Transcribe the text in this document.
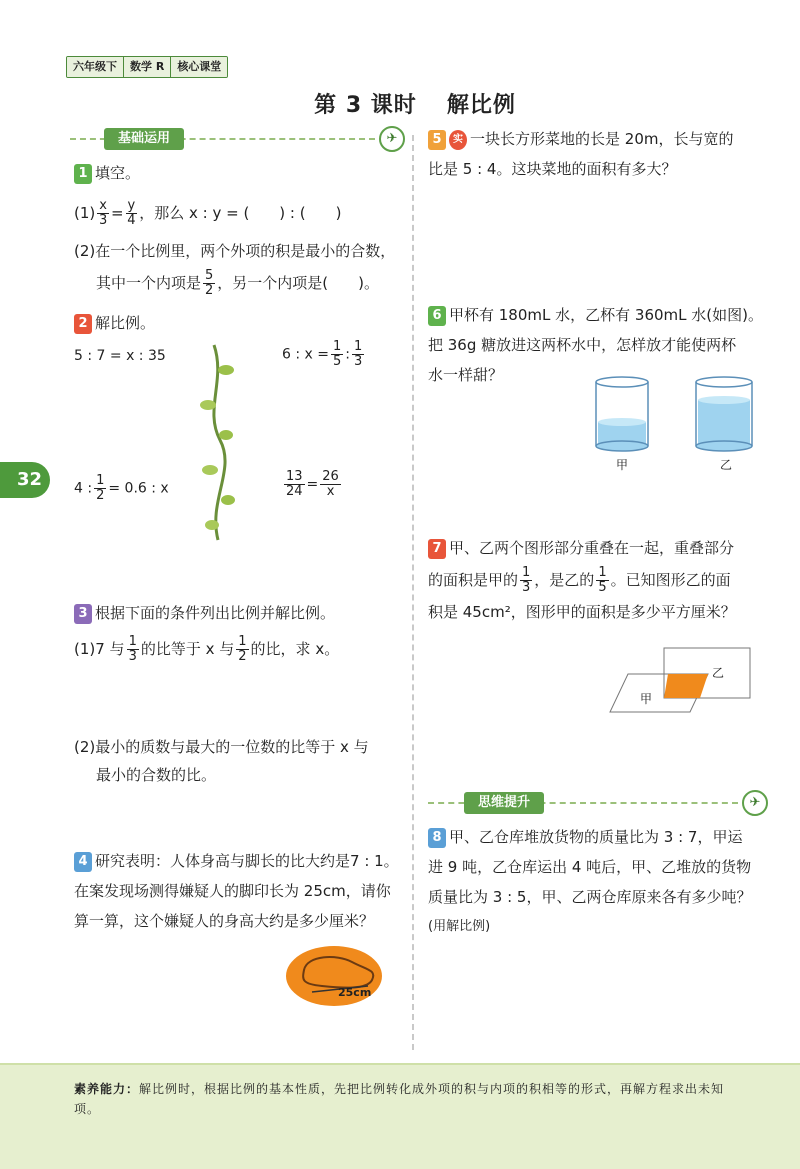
六年级下	数学 R	核心课堂
第 3 课时 解比例
基础运用	✈
思维提升	✈
32
1 填空。
$(1) \frac{x}{3} = \frac{y}{4}$ ，那么 x : y = (　　) : (　　)
(2)在一个比例里，两个外项的积是最小的合数，
其中一个内项是 $\frac{5}{2}$ ，另一个内项是(　　)。
2 解比例。
5 : 7 = x : 35	6 : $x = \frac{1}{5}$ : $\frac{1}{3}$
4 : $\frac{1}{2} = 0.6$ : x	$\frac{13}{24} = \frac{26}{x}$
3 根据下面的条件列出比例并解比例。
(1)7 与 $\frac{1}{3}$ 的比等于 x 与 $\frac{1}{2}$ 的比，求 x。
(2)最小的质数与最大的一位数的比等于 x 与
最小的合数的比。
4 研究表明：人体身高与脚长的比大约是7 : 1。
在案发现场测得嫌疑人的脚印长为 25cm，请你
算一算，这个嫌疑人的身高大约是多少厘米？
25cm
5 实 一块长方形菜地的长是 20m，长与宽的
比是 5 : 4。这块菜地的面积有多大？
6 甲杯有 180mL 水，乙杯有 360mL 水(如图)。
把 36g 糖放进这两杯水中，怎样放才能使两杯
水一样甜？
甲	乙
7 甲、乙两个图形部分重叠在一起，重叠部分
的面积是甲的 $\frac{1}{3}$ ，是乙的 $\frac{1}{5}$ 。已知图形乙的面
积是 45cm²，图形甲的面积是多少平方厘米？
甲
乙
8 甲、乙仓库堆放货物的质量比为 3 : 7，甲运
进 9 吨，乙仓库运出 4 吨后，甲、乙堆放的货物
质量比为 3 : 5，甲、乙两仓库原来各有多少吨？
(用解比例)
素养能力：解比例时，根据比例的基本性质，先把比例转化成外项的积与内项的积相等的形式，再解方程求出未知项。
